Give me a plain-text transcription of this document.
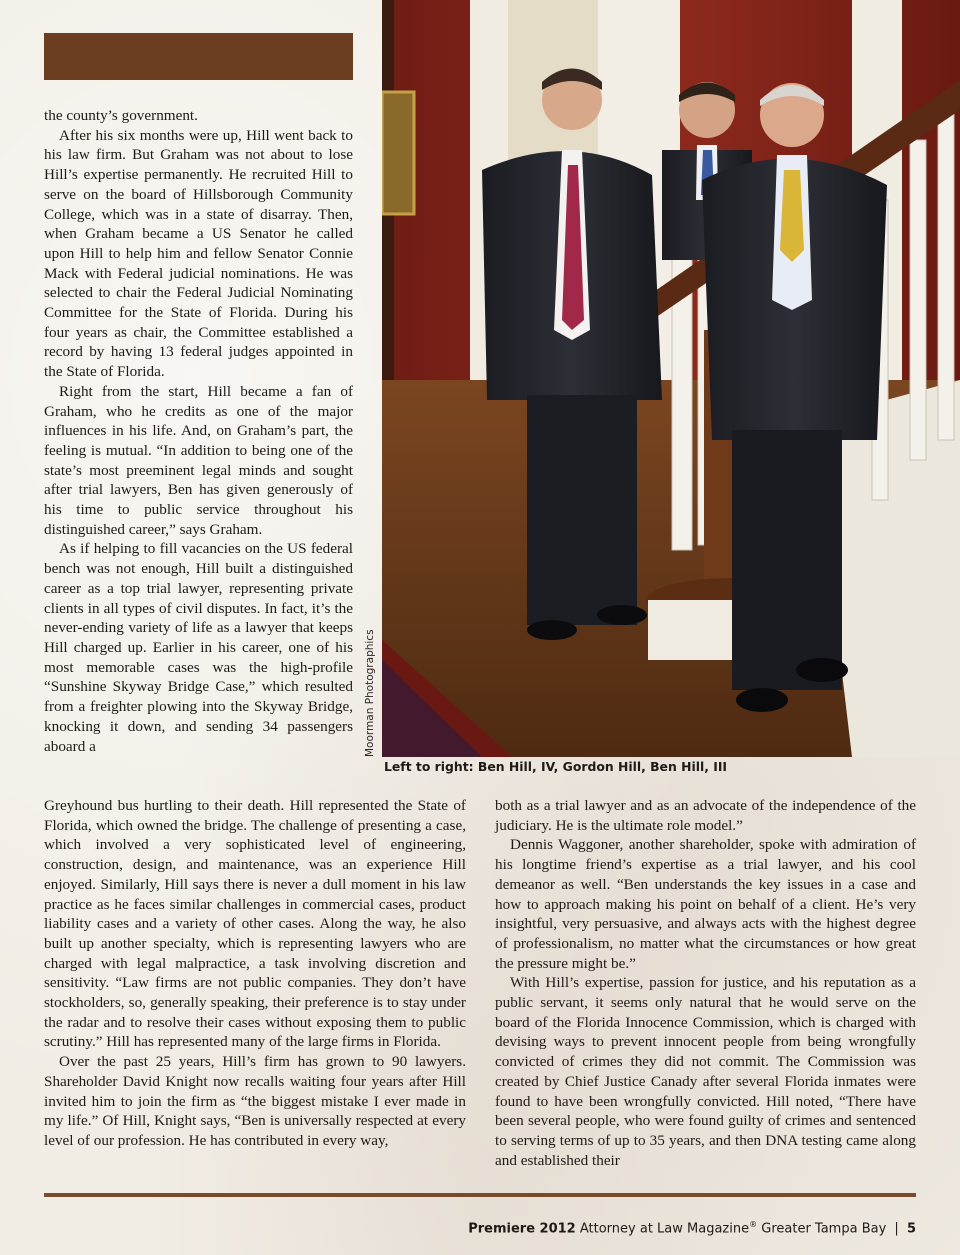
the county’s government.

After his six months were up, Hill went back to his law firm. But Graham was not about to lose Hill’s expertise permanently. He recruited Hill to serve on the board of Hillsborough Community College, which was in a state of disarray. Then, when Graham became a US Senator he called upon Hill to help him and fellow Senator Connie Mack with Federal judicial nominations. He was selected to chair the Federal Judicial Nominating Committee for the State of Florida. During his four years as chair, the Committee established a record by having 13 federal judges appointed in the State of Florida.

Right from the start, Hill became a fan of Graham, who he credits as one of the major influences in his life. And, on Graham’s part, the feeling is mutual. “In addition to being one of the state’s most preeminent legal minds and sought after trial lawyers, Ben has given generously of his time to public service throughout his distinguished career,” says Graham.

As if helping to fill vacancies on the US federal bench was not enough, Hill built a distinguished career as a top trial lawyer, representing private clients in all types of civil disputes. In fact, it’s the never-ending variety of life as a lawyer that keeps Hill charged up. Earlier in his career, one of his most memorable cases was the high-profile “Sunshine Skyway Bridge Case,” which resulted from a freighter plowing into the Skyway Bridge, knocking it down, and sending 34 passengers aboard a	Moorman Photographics
Left to right: Ben Hill, IV, Gordon Hill, Ben Hill, III

Greyhound bus hurtling to their death. Hill represented the State of Florida, which owned the bridge. The challenge of presenting a case, which involved a very sophisticated level of engineering, construction, design, and maintenance, was an experience Hill enjoyed. Similarly, Hill says there is never a dull moment in his law practice as he faces similar challenges in commercial cases, product liability cases and a variety of other cases. Along the way, he also built up another specialty, which is representing lawyers who are charged with legal malpractice, a task involving discretion and sensitivity. “Law firms are not public companies. They don’t have stockholders, so, generally speaking, their preference is to stay under the radar and to resolve their cases without exposing them to public scrutiny.” Hill has represented many of the large firms in Florida.

Over the past 25 years, Hill’s firm has grown to 90 lawyers. Shareholder David Knight now recalls waiting four years after Hill invited him to join the firm as “the biggest mistake I ever made in my life.” Of Hill, Knight says, “Ben is universally respected at every level of our profession. He has contributed in every way,

both as a trial lawyer and as an advocate of the independence of the judiciary. He is the ultimate role model.”

Dennis Waggoner, another shareholder, spoke with admiration of his longtime friend’s expertise as a trial lawyer, and his cool demeanor as well. “Ben understands the key issues in a case and how to approach making his point on behalf of a client. He’s very insightful, very persuasive, and always acts with the highest degree of professionalism, no matter what the circumstances or how great the pressure might be.”

With Hill’s expertise, passion for justice, and his reputation as a public servant, it seems only natural that he would serve on the board of the Florida Innocence Commission, which is charged with devising ways to prevent innocent people from being wrongfully convicted of crimes they did not commit. The Commission was created by Chief Justice Canady after several Florida inmates were found to have been wrongfully convicted. Hill noted, “There have been several people, who were found guilty of crimes and sentenced to serving terms of up to 35 years, and then DNA testing came along and established their

Premiere 2012 Attorney at Law Magazine® Greater Tampa Bay | 5
